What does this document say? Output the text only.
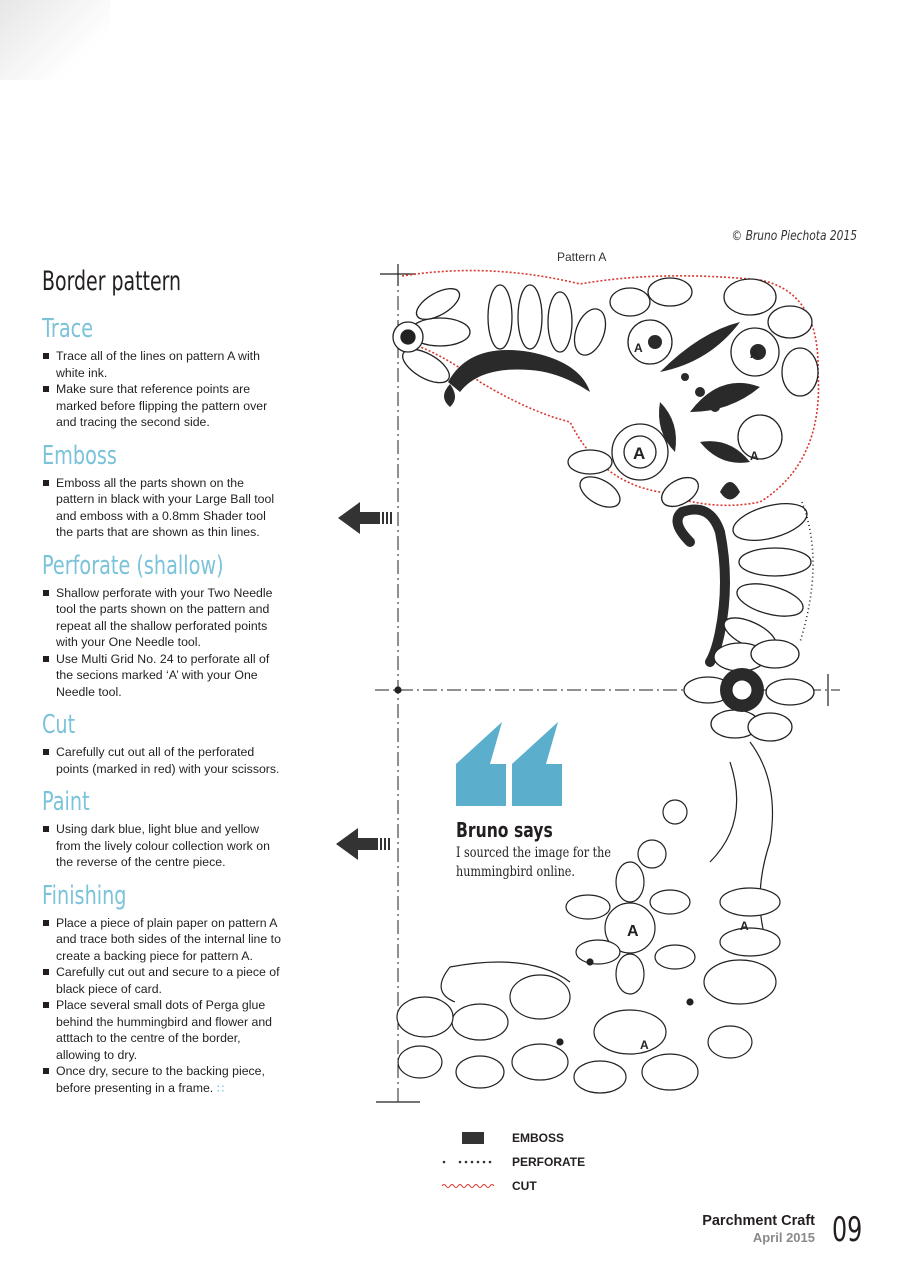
© Bruno Piechota 2015
Pattern A
Border pattern
Trace
Trace all of the lines on pattern A with white ink.
Make sure that reference points are marked before flipping the pattern over and tracing the second side.
Emboss
Emboss all the parts shown on the pattern in black with your Large Ball tool and emboss with a 0.8mm Shader tool the parts that are shown as thin lines.
Perforate (shallow)
Shallow perforate with your Two Needle tool the parts shown on the pattern and repeat all the shallow perforated points with your One Needle tool.
Use Multi Grid No. 24 to perforate all of the secions marked ‘A’ with your One Needle tool.
Cut
Carefully cut out all of the perforated points (marked in red) with your scissors.
Paint
Using dark blue, light blue and yellow from the lively colour collection work on the reverse of the centre piece.
Finishing
Place a piece of plain paper on pattern A and trace both sides of the internal line to create a backing piece for pattern A.
Carefully cut out and secure to a piece of black piece of card.
Place several small dots of Perga glue behind the hummingbird and flower and atttach to the centre of the border, allowing to dry.
Once dry, secure to the backing piece, before presenting in a frame.
A
A	A
A
A	A
A
Bruno says
I sourced the image for the hummingbird online.
EMBOSS
PERFORATE
CUT
Parchment Craft
April 2015 09
